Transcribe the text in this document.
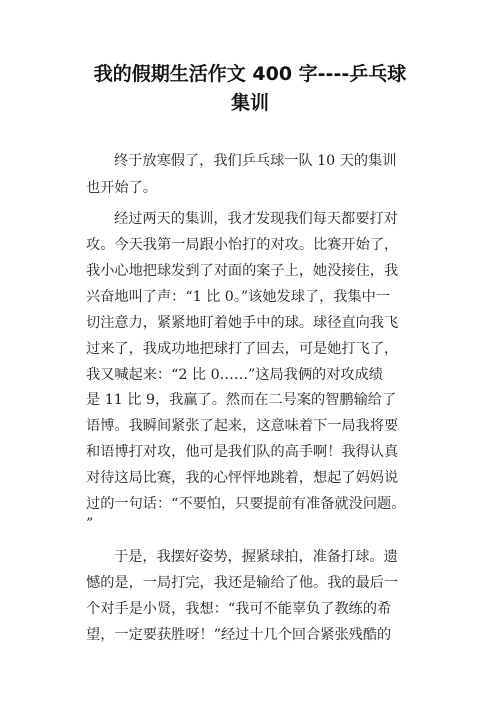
我的假期生活作文 400 字----乒乓球
集训
终于放寒假了，我们乒乓球一队 10 天的集训
也开始了。
经过两天的集训，我才发现我们每天都要打对
攻。今天我第一局跟小怡打的对攻。比赛开始了，
我小心地把球发到了对面的案子上，她没接住，我
兴奋地叫了声：“1 比 0。”该她发球了，我集中一
切注意力，紧紧地盯着她手中的球。球径直向我飞
过来了，我成功地把球打了回去，可是她打飞了，
我又喊起来：“2 比 0……”这局我俩的对攻成绩
是 11 比 9，我赢了。然而在二号案的智鹏输给了
语博。我瞬间紧张了起来，这意味着下一局我将要
和语博打对攻，他可是我们队的高手啊！我得认真
对待这局比赛，我的心怦怦地跳着，想起了妈妈说
过的一句话：“不要怕，只要提前有准备就没问题。
”
于是，我摆好姿势，握紧球拍，准备打球。遗
憾的是，一局打完，我还是输给了他。我的最后一
个对手是小贤，我想：“我可不能辜负了教练的希
望，一定要获胜呀！”经过十几个回合紧张残酷的
